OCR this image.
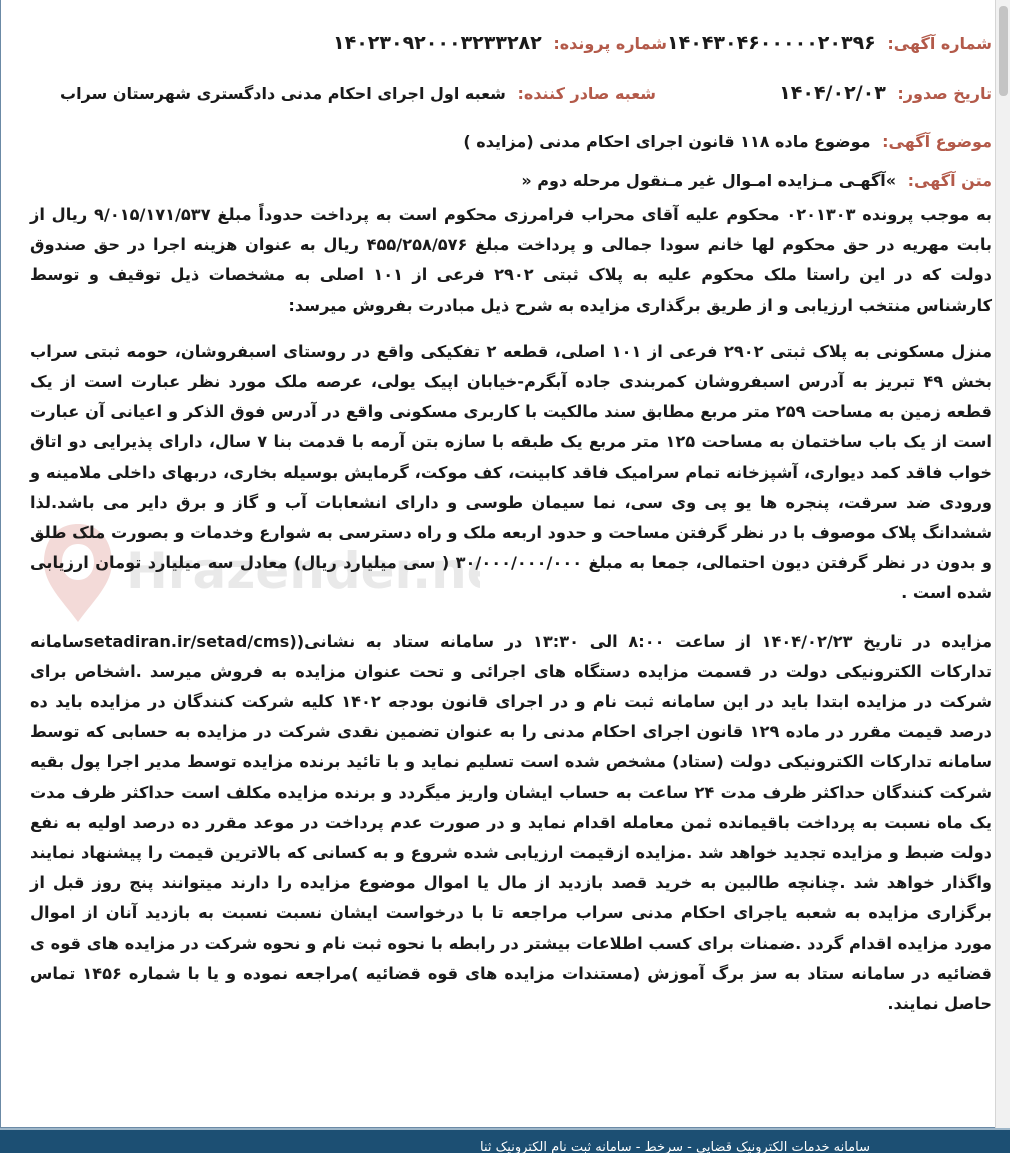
Hrazender.n
شماره آگهی: ۱۴۰۴۳۰۴۶۰۰۰۰۰۲۰۳۹۶
شماره پرونده: ۱۴۰۲۳۰۹۲۰۰۰۳۲۳۳۲۸۲
تاریخ صدور: ۱۴۰۴/۰۲/۰۳
شعبه صادر کننده: شعبه اول اجرای احکام مدنی دادگستری شهرستان سراب
موضوع آگهی: موضوع ماده ۱۱۸ قانون اجرای احکام مدنی (مزایده )
متن آگهی: »آگهـی مـزایده امـوال غیر مـنقول مرحله دوم «

به موجب پرونده ۰۲۰۱۳۰۳ محکوم علیه آقای محراب فرامرزی محکوم است به پرداخت حدوداً مبلغ ۹/۰۱۵/۱۷۱/۵۳۷ ریال از بابت مهریه در حق محکوم لها خانم سودا جمالی و پرداخت مبلغ ۴۵۵/۲۵۸/۵۷۶ ریال به عنوان هزینه اجرا در حق صندوق دولت که در این راستا ملک محکوم علیه به پلاک ثبتی ۲۹۰۲ فرعی از ۱۰۱ اصلی به مشخصات ذیل توقیف و توسط کارشناس منتخب ارزیابی و از طریق برگذاری مزایده به شرح ذیل مبادرت بفروش میرسد:

منزل مسکونی به پلاک ثبتی ۲۹۰۲ فرعی از ۱۰۱ اصلی، قطعه ۲ تفکیکی واقع در روستای اسبفروشان، حومه ثبتی سراب بخش ۴۹ تبریز به آدرس اسبفروشان کمربندی جاده آبگرم-خیابان اپیک یولی، عرصه ملک مورد نظر عبارت است از یک قطعه زمین به مساحت ۲۵۹ متر مربع مطابق سند مالکیت با کاربری مسکونی واقع در آدرس فوق الذکر و اعیانی آن عبارت است از یک باب ساختمان به مساحت ۱۲۵ متر مربع یک طبقه با سازه بتن آرمه با قدمت بنا ۷ سال، دارای پذیرایی دو اتاق خواب فاقد کمد دیواری، آشپزخانه تمام سرامیک فاقد کابینت، کف موکت، گرمایش بوسیله بخاری، دربهای داخلی ملامینه و ورودی ضد سرقت، پنجره ها یو پی وی سی، نما سیمان طوسی و دارای انشعابات آب و گاز و برق دایر می باشد.لذا ششدانگ پلاک موصوف با در نظر گرفتن مساحت و حدود اربعه ملک و راه دسترسی به شوارع وخدمات و بصورت ملک طلق و بدون در نظر گرفتن دیون احتمالی، جمعا به مبلغ ۳۰/۰۰۰/۰۰۰/۰۰۰ ( سی میلیارد ریال) معادل سه میلیارد تومان ارزیابی شده است .

مزایده در تاریخ ۱۴۰۴/۰۲/۲۳ از ساعت ۸:۰۰ الی ۱۳:۳۰ در سامانه ستاد به نشانی((setadiran.ir/setad/cmsسامانه تدارکات الکترونیکی دولت در قسمت مزایده دستگاه های اجرائی و تحت عنوان مزایده به فروش میرسد .اشخاص برای شرکت در مزایده ابتدا باید در این سامانه ثبت نام و در اجرای قانون بودجه ۱۴۰۲ کلیه شرکت کنندگان در مزایده باید ده درصد قیمت مقرر در ماده ۱۲۹ قانون اجرای احکام مدنی را به عنوان تضمین نقدی شرکت در مزایده به حسابی که توسط سامانه تدارکات الکترونیکی دولت (ستاد) مشخص شده است تسلیم نماید و با تائید برنده مزایده توسط مدیر اجرا پول بقیه شرکت کنندگان حداکثر ظرف مدت ۲۴ ساعت به حساب ایشان واریز میگردد و برنده مزایده مکلف است حداکثر ظرف مدت یک ماه نسبت به پرداخت باقیمانده ثمن معامله اقدام نماید و در صورت عدم پرداخت در موعد مقرر ده درصد اولیه به نفع دولت ضبط و مزایده تجدید خواهد شد .مزایده ازقیمت ارزیابی شده شروع و به کسانی که بالاترین قیمت را پیشنهاد نمایند واگذار خواهد شد .چنانچه طالبین به خرید قصد بازدید از مال یا اموال موضوع مزایده را دارند میتوانند پنج روز قبل از برگزاری مزایده به شعبه یاجرای احکام مدنی سراب مراجعه تا با درخواست ایشان نسبت نسبت به بازدید آنان از اموال مورد مزایده اقدام گردد .ضمنات برای کسب اطلاعات بیشتر در رابطه با نحوه ثبت نام و نحوه شرکت در مزایده های قوه ی قضائیه در سامانه ستاد به سز برگ آموزش (مستندات مزایده های قوه قضائیه )مراجعه نموده و یا با شماره ۱۴۵۶ تماس حاصل نمایند.

سامانه خدمات الکترونیک قضایی - سرخط - سامانه ثبت نام الکترونیک ثنا
